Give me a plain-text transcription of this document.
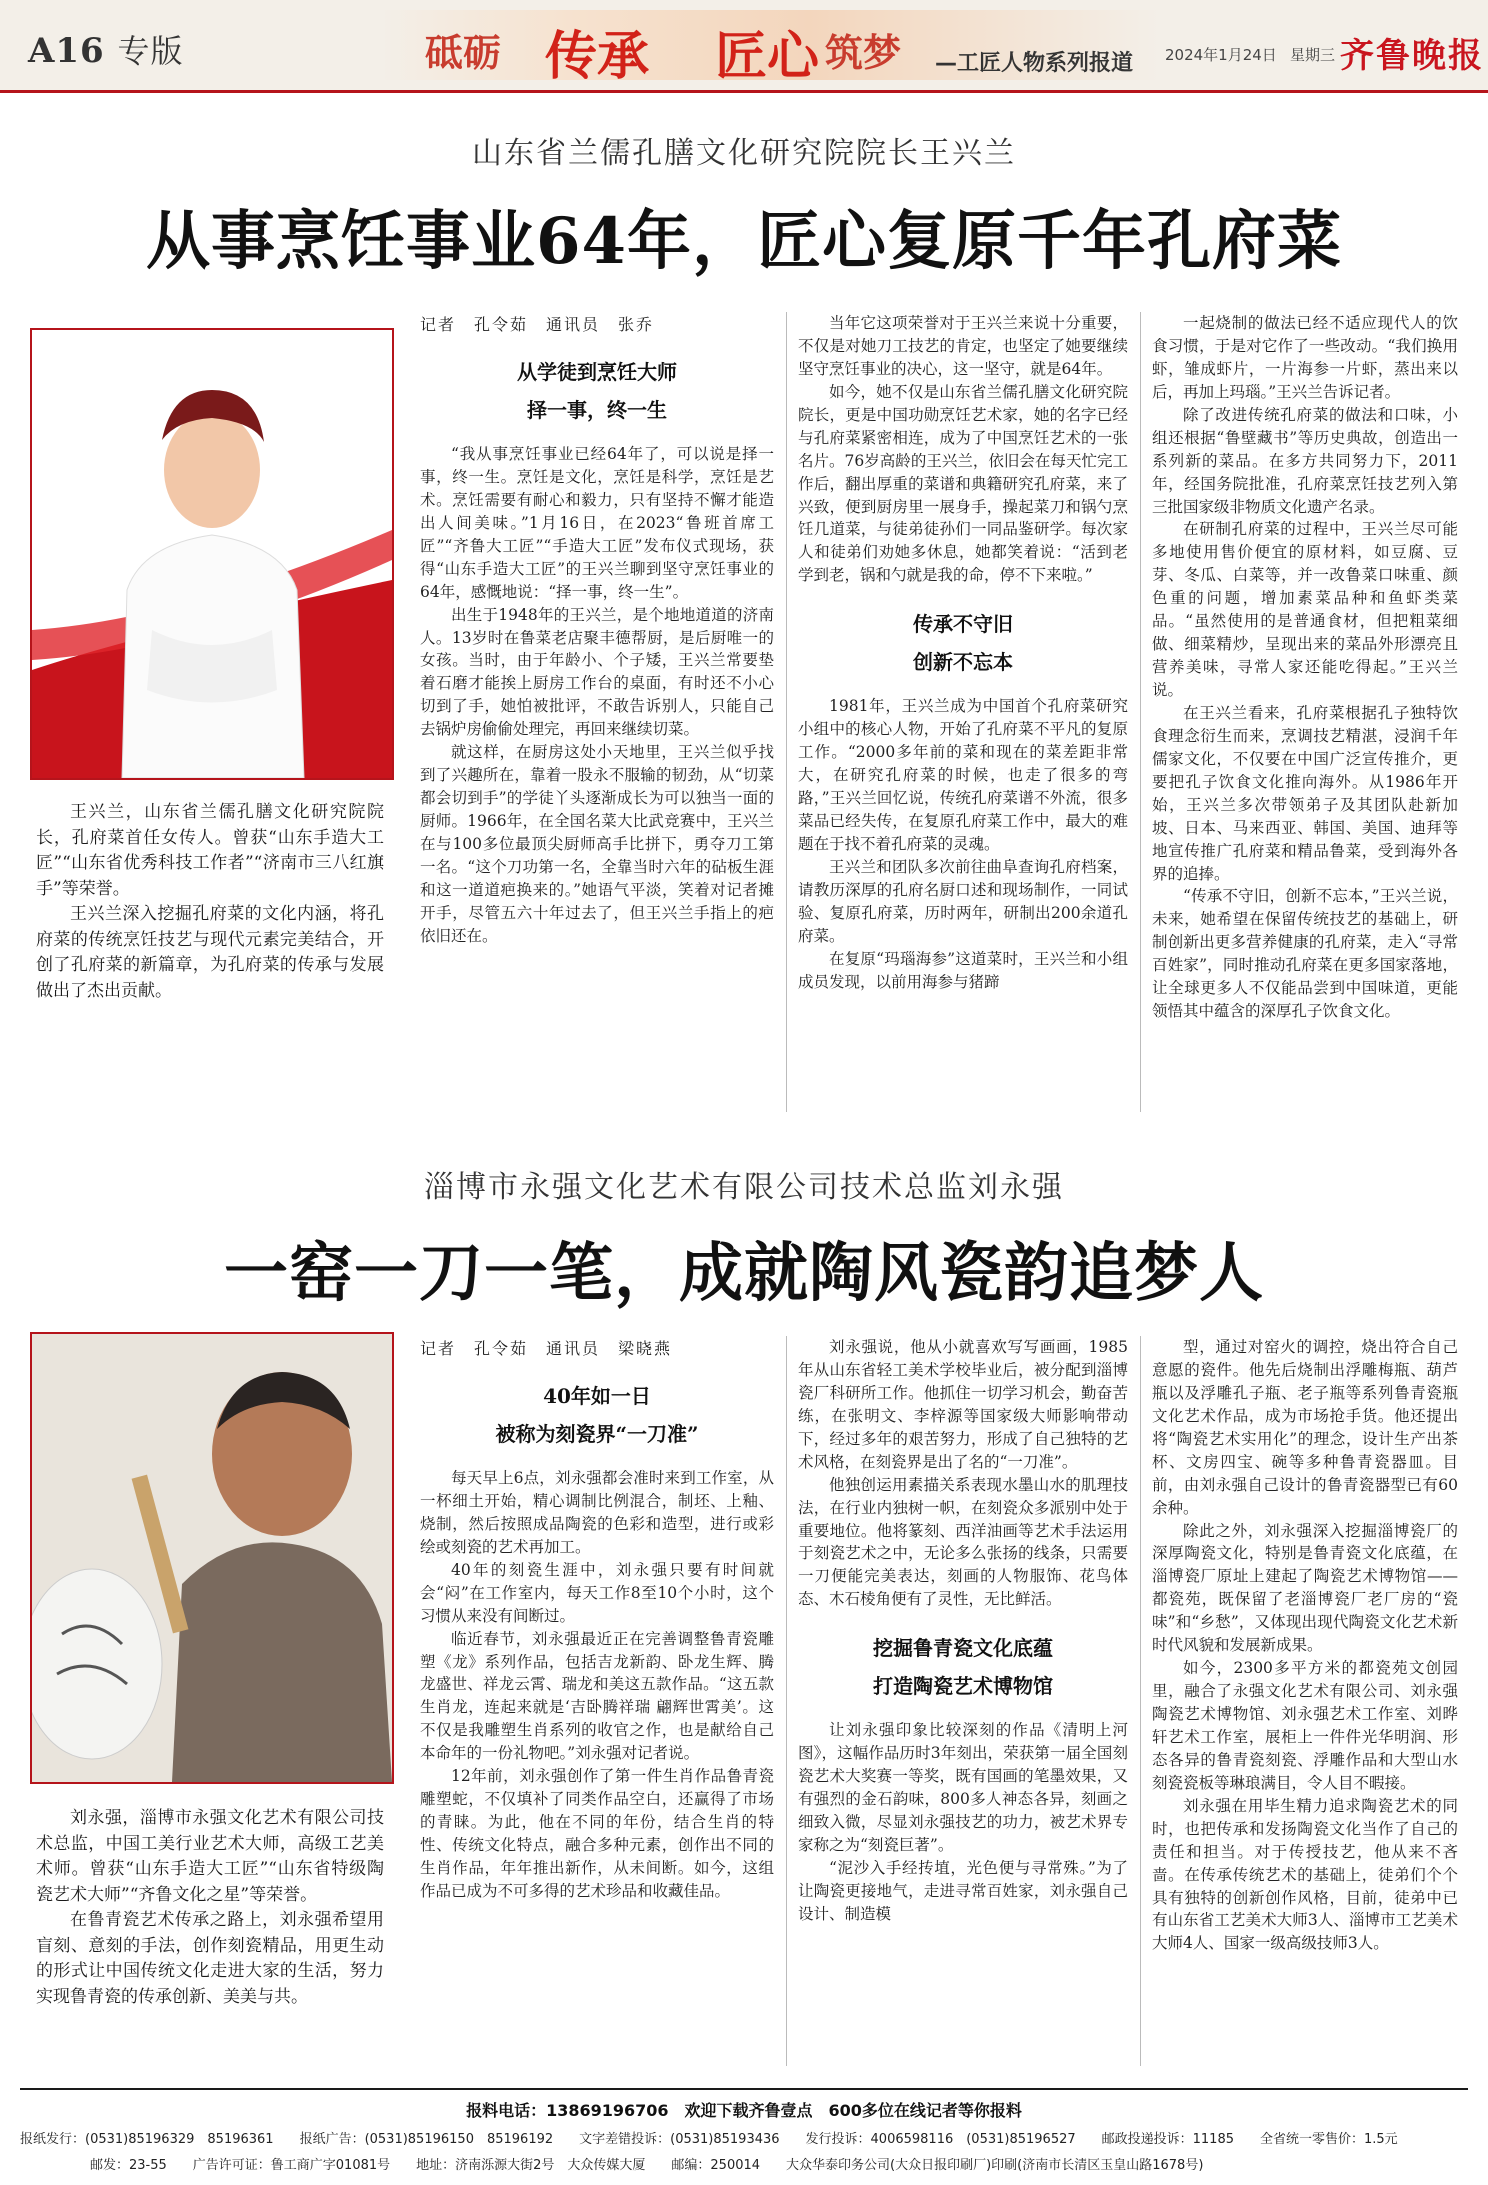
A16 专版	砥砺 传承 匠心 筑梦 —工匠人物系列报道 2024年1月24日 星期三 齐鲁晚报
山东省兰儒孔膳文化研究院院长王兴兰
从事烹饪事业64年，匠心复原千年孔府菜

王兴兰，山东省兰儒孔膳文化研究院院长，孔府菜首任女传人。曾获“山东手造大工匠”“山东省优秀科技工作者”“济南市三八红旗手”等荣誉。

王兴兰深入挖掘孔府菜的文化内涵，将孔府菜的传统烹饪技艺与现代元素完美结合，开创了孔府菜的新篇章，为孔府菜的传承与发展做出了杰出贡献。

记者　孔令茹　通讯员　张乔

从学徒到烹饪大师
择一事，终一生

“我从事烹饪事业已经64年了，可以说是择一事，终一生。烹饪是文化，烹饪是科学，烹饪是艺术。烹饪需要有耐心和毅力，只有坚持不懈才能造出人间美味。”1月16日，在2023“鲁班首席工匠”“齐鲁大工匠”“手造大工匠”发布仪式现场，获得“山东手造大工匠”的王兴兰聊到坚守烹饪事业的64年，感慨地说：“择一事，终一生”。

出生于1948年的王兴兰，是个地地道道的济南人。13岁时在鲁菜老店聚丰德帮厨，是后厨唯一的女孩。当时，由于年龄小、个子矮，王兴兰常要垫着石磨才能挨上厨房工作台的桌面，有时还不小心切到了手，她怕被批评，不敢告诉别人，只能自己去锅炉房偷偷处理完，再回来继续切菜。

就这样，在厨房这处小天地里，王兴兰似乎找到了兴趣所在，靠着一股永不服输的韧劲，从“切菜都会切到手”的学徒丫头逐渐成长为可以独当一面的厨师。1966年，在全国名菜大比武竞赛中，王兴兰在与100多位最顶尖厨师高手比拼下，勇夺刀工第一名。“这个刀功第一名，全靠当时六年的砧板生涯和这一道道疤换来的。”她语气平淡，笑着对记者摊开手，尽管五六十年过去了，但王兴兰手指上的疤依旧还在。

当年它这项荣誉对于王兴兰来说十分重要，不仅是对她刀工技艺的肯定，也坚定了她要继续坚守烹饪事业的决心，这一坚守，就是64年。

如今，她不仅是山东省兰儒孔膳文化研究院院长，更是中国功勋烹饪艺术家，她的名字已经与孔府菜紧密相连，成为了中国烹饪艺术的一张名片。76岁高龄的王兴兰，依旧会在每天忙完工作后，翻出厚重的菜谱和典籍研究孔府菜，来了兴致，便到厨房里一展身手，操起菜刀和锅勺烹饪几道菜，与徒弟徒孙们一同品鉴研学。每次家人和徒弟们劝她多休息，她都笑着说：“活到老学到老，锅和勺就是我的命，停不下来啦。”

传承不守旧
创新不忘本

1981年，王兴兰成为中国首个孔府菜研究小组中的核心人物，开始了孔府菜不平凡的复原工作。“2000多年前的菜和现在的菜差距非常大，在研究孔府菜的时候，也走了很多的弯路，”王兴兰回忆说，传统孔府菜谱不外流，很多菜品已经失传，在复原孔府菜工作中，最大的难题在于找不着孔府菜的灵魂。

王兴兰和团队多次前往曲阜查询孔府档案，请教历深厚的孔府名厨口述和现场制作，一同试验、复原孔府菜，历时两年，研制出200余道孔府菜。

在复原“玛瑙海参”这道菜时，王兴兰和小组成员发现，以前用海参与猪蹄

一起烧制的做法已经不适应现代人的饮食习惯，于是对它作了一些改动。“我们换用虾，雏成虾片，一片海参一片虾，蒸出来以后，再加上玛瑙。”王兴兰告诉记者。

除了改进传统孔府菜的做法和口味，小组还根据“鲁壁藏书”等历史典故，创造出一系列新的菜品。在多方共同努力下，2011年，经国务院批准，孔府菜烹饪技艺列入第三批国家级非物质文化遗产名录。

在研制孔府菜的过程中，王兴兰尽可能多地使用售价便宜的原材料，如豆腐、豆芽、冬瓜、白菜等，并一改鲁菜口味重、颜色重的问题，增加素菜品种和鱼虾类菜品。“虽然使用的是普通食材，但把粗菜细做、细菜精炒，呈现出来的菜品外形漂亮且营养美味，寻常人家还能吃得起。”王兴兰说。

在王兴兰看来，孔府菜根据孔子独特饮食理念衍生而来，烹调技艺精湛，浸润千年儒家文化，不仅要在中国广泛宣传推介，更要把孔子饮食文化推向海外。从1986年开始，王兴兰多次带领弟子及其团队赴新加坡、日本、马来西亚、韩国、美国、迪拜等地宣传推广孔府菜和精品鲁菜，受到海外各界的追捧。

“传承不守旧，创新不忘本，”王兴兰说，未来，她希望在保留传统技艺的基础上，研制创新出更多营养健康的孔府菜，走入“寻常百姓家”，同时推动孔府菜在更多国家落地，让全球更多人不仅能品尝到中国味道，更能领悟其中蕴含的深厚孔子饮食文化。

淄博市永强文化艺术有限公司技术总监刘永强
一窑一刀一笔，成就陶风瓷韵追梦人

刘永强，淄博市永强文化艺术有限公司技术总监，中国工美行业艺术大师，高级工艺美术师。曾获“山东手造大工匠”“山东省特级陶瓷艺术大师”“齐鲁文化之星”等荣誉。

在鲁青瓷艺术传承之路上，刘永强希望用盲刻、意刻的手法，创作刻瓷精品，用更生动的形式让中国传统文化走进大家的生活，努力实现鲁青瓷的传承创新、美美与共。

记者　孔令茹　通讯员　梁晓燕

40年如一日
被称为刻瓷界“一刀准”

每天早上6点，刘永强都会准时来到工作室，从一杯细土开始，精心调制比例混合，制坯、上釉、烧制，然后按照成品陶瓷的色彩和造型，进行或彩绘或刻瓷的艺术再加工。

40年的刻瓷生涯中，刘永强只要有时间就会“闷”在工作室内，每天工作8至10个小时，这个习惯从来没有间断过。

临近春节，刘永强最近正在完善调整鲁青瓷雕塑《龙》系列作品，包括吉龙新韵、卧龙生辉、腾龙盛世、祥龙云霄、瑞龙和美这五款作品。“这五款生肖龙，连起来就是‘吉卧腾祥瑞 翩辉世霄美’。这不仅是我雕塑生肖系列的收官之作，也是献给自己本命年的一份礼物吧。”刘永强对记者说。

12年前，刘永强创作了第一件生肖作品鲁青瓷雕塑蛇，不仅填补了同类作品空白，还赢得了市场的青睐。为此，他在不同的年份，结合生肖的特性、传统文化特点，融合多种元素，创作出不同的生肖作品，年年推出新作，从未间断。如今，这组作品已成为不可多得的艺术珍品和收藏佳品。

刘永强说，他从小就喜欢写写画画，1985年从山东省轻工美术学校毕业后，被分配到淄博瓷厂科研所工作。他抓住一切学习机会，勤奋苦练，在张明文、李梓源等国家级大师影响带动下，经过多年的艰苦努力，形成了自己独特的艺术风格，在刻瓷界是出了名的“一刀准”。

他独创运用素描关系表现水墨山水的肌理技法，在行业内独树一帜，在刻瓷众多派别中处于重要地位。他将篆刻、西洋油画等艺术手法运用于刻瓷艺术之中，无论多么张扬的线条，只需要一刀便能完美表达，刻画的人物服饰、花鸟体态、木石棱角便有了灵性，无比鲜活。

挖掘鲁青瓷文化底蕴
打造陶瓷艺术博物馆

让刘永强印象比较深刻的作品《清明上河图》，这幅作品历时3年刻出，荣获第一届全国刻瓷艺术大奖赛一等奖，既有国画的笔墨效果，又有强烈的金石韵味，800多人神态各异，刻画之细致入微，尽显刘永强技艺的功力，被艺术界专家称之为“刻瓷巨著”。

“泥沙入手经抟埴，光色便与寻常殊。”为了让陶瓷更接地气，走进寻常百姓家，刘永强自己设计、制造模

型，通过对窑火的调控，烧出符合自己意愿的瓷件。他先后烧制出浮雕梅瓶、葫芦瓶以及浮雕孔子瓶、老子瓶等系列鲁青瓷瓶文化艺术作品，成为市场抢手货。他还提出将“陶瓷艺术实用化”的理念，设计生产出茶杯、文房四宝、碗等多种鲁青瓷器皿。目前，由刘永强自己设计的鲁青瓷器型已有60余种。

除此之外，刘永强深入挖掘淄博瓷厂的深厚陶瓷文化，特别是鲁青瓷文化底蕴，在淄博瓷厂原址上建起了陶瓷艺术博物馆——都瓷苑，既保留了老淄博瓷厂老厂房的“瓷味”和“乡愁”，又体现出现代陶瓷文化艺术新时代风貌和发展新成果。

如今，2300多平方米的都瓷苑文创园里，融合了永强文化艺术有限公司、刘永强陶瓷艺术博物馆、刘永强艺术工作室、刘晔轩艺术工作室，展柜上一件件光华明润、形态各异的鲁青瓷刻瓷、浮雕作品和大型山水刻瓷瓷板等琳琅满目，令人目不暇接。

刘永强在用毕生精力追求陶瓷艺术的同时，也把传承和发扬陶瓷文化当作了自己的责任和担当。对于传授技艺，他从来不吝啬。在传承传统艺术的基础上，徒弟们个个具有独特的创新创作风格，目前，徒弟中已有山东省工艺美术大师3人、淄博市工艺美术大师4人、国家一级高级技师3人。

报料电话：13869196706　欢迎下载齐鲁壹点　600多位在线记者等你报料
报纸发行：(0531)85196329　85196361　　报纸广告：(0531)85196150　85196192　　文字差错投诉：(0531)85193436　　发行投诉：4006598116　(0531)85196527　　邮政投递投诉：11185　　全省统一零售价：1.5元
邮发：23-55　　广告许可证：鲁工商广字01081号　　地址：济南泺源大街2号　大众传媒大厦　　邮编：250014　　大众华泰印务公司(大众日报印刷厂)印刷(济南市长清区玉皇山路1678号)
